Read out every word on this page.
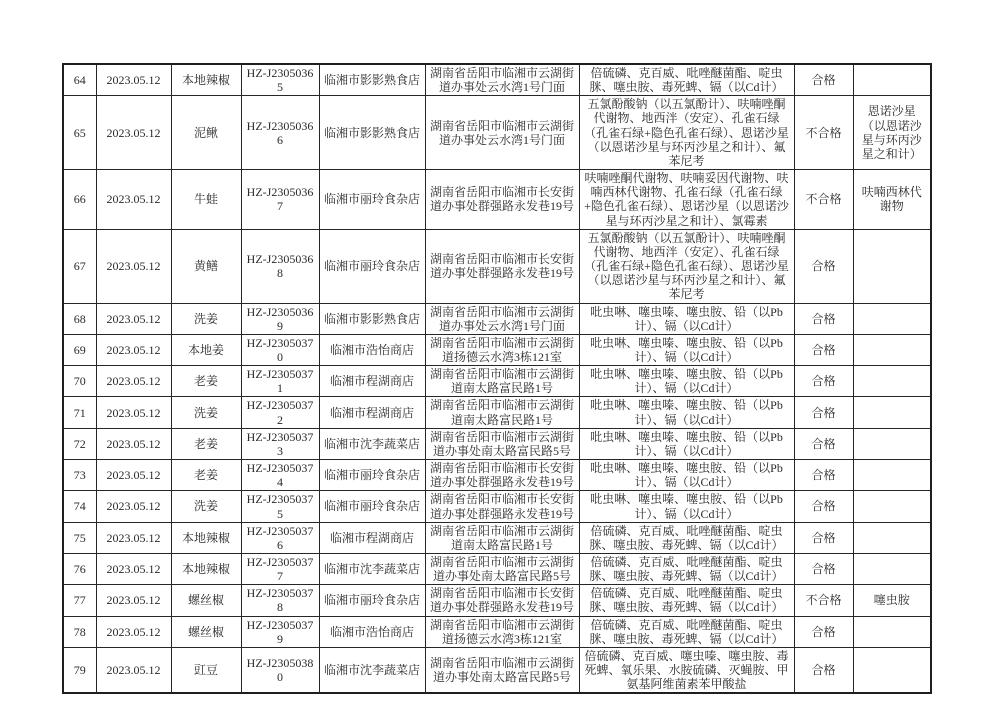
64	2023.05.12	本地辣椒	HZ-J23050365	临湘市影影熟食店	湖南省岳阳市临湘市云湖街道办事处云水湾1号门面	倍硫磷、克百威、吡唑醚菌酯、啶虫脒、噻虫胺、毒死蜱、镉（以Cd计）	合格	
65	2023.05.12	泥鳅	HZ-J23050366	临湘市影影熟食店	湖南省岳阳市临湘市云湖街道办事处云水湾1号门面	五氯酚酸钠（以五氯酚计）、呋喃唑酮代谢物、地西泮（安定）、孔雀石绿（孔雀石绿+隐色孔雀石绿）、恩诺沙星（以恩诺沙星与环丙沙星之和计）、氟苯尼考	不合格	恩诺沙星（以恩诺沙星与环丙沙星之和计）
66	2023.05.12	牛蛙	HZ-J23050367	临湘市丽玲食杂店	湖南省岳阳市临湘市长安街道办事处群强路永发巷19号	呋喃唑酮代谢物、呋喃妥因代谢物、呋喃西林代谢物、孔雀石绿（孔雀石绿+隐色孔雀石绿）、恩诺沙星（以恩诺沙星与环丙沙星之和计）、氯霉素	不合格	呋喃西林代谢物
67	2023.05.12	黄鳝	HZ-J23050368	临湘市丽玲食杂店	湖南省岳阳市临湘市长安街道办事处群强路永发巷19号	五氯酚酸钠（以五氯酚计）、呋喃唑酮代谢物、地西泮（安定）、孔雀石绿（孔雀石绿+隐色孔雀石绿）、恩诺沙星（以恩诺沙星与环丙沙星之和计）、氟苯尼考	合格	
68	2023.05.12	洗姜	HZ-J23050369	临湘市影影熟食店	湖南省岳阳市临湘市云湖街道办事处云水湾1号门面	吡虫啉、噻虫嗪、噻虫胺、铅（以Pb计）、镉（以Cd计）	合格	
69	2023.05.12	本地姜	HZ-J23050370	临湘市浩怡商店	湖南省岳阳市临湘市云湖街道扬德云水湾3栋121室	吡虫啉、噻虫嗪、噻虫胺、铅（以Pb计）、镉（以Cd计）	合格	
70	2023.05.12	老姜	HZ-J23050371	临湘市程湖商店	湖南省岳阳市临湘市云湖街道南太路富民路1号	吡虫啉、噻虫嗪、噻虫胺、铅（以Pb计）、镉（以Cd计）	合格	
71	2023.05.12	洗姜	HZ-J23050372	临湘市程湖商店	湖南省岳阳市临湘市云湖街道南太路富民路1号	吡虫啉、噻虫嗪、噻虫胺、铅（以Pb计）、镉（以Cd计）	合格	
72	2023.05.12	老姜	HZ-J23050373	临湘市沈李蔬菜店	湖南省岳阳市临湘市云湖街道办事处南太路富民路5号	吡虫啉、噻虫嗪、噻虫胺、铅（以Pb计）、镉（以Cd计）	合格	
73	2023.05.12	老姜	HZ-J23050374	临湘市丽玲食杂店	湖南省岳阳市临湘市长安街道办事处群强路永发巷19号	吡虫啉、噻虫嗪、噻虫胺、铅（以Pb计）、镉（以Cd计）	合格	
74	2023.05.12	洗姜	HZ-J23050375	临湘市丽玲食杂店	湖南省岳阳市临湘市长安街道办事处群强路永发巷19号	吡虫啉、噻虫嗪、噻虫胺、铅（以Pb计）、镉（以Cd计）	合格	
75	2023.05.12	本地辣椒	HZ-J23050376	临湘市程湖商店	湖南省岳阳市临湘市云湖街道南太路富民路1号	倍硫磷、克百威、吡唑醚菌酯、啶虫脒、噻虫胺、毒死蜱、镉（以Cd计）	合格	
76	2023.05.12	本地辣椒	HZ-J23050377	临湘市沈李蔬菜店	湖南省岳阳市临湘市云湖街道办事处南太路富民路5号	倍硫磷、克百威、吡唑醚菌酯、啶虫脒、噻虫胺、毒死蜱、镉（以Cd计）	合格	
77	2023.05.12	螺丝椒	HZ-J23050378	临湘市丽玲食杂店	湖南省岳阳市临湘市长安街道办事处群强路永发巷19号	倍硫磷、克百威、吡唑醚菌酯、啶虫脒、噻虫胺、毒死蜱、镉（以Cd计）	不合格	噻虫胺
78	2023.05.12	螺丝椒	HZ-J23050379	临湘市浩怡商店	湖南省岳阳市临湘市云湖街道扬德云水湾3栋121室	倍硫磷、克百威、吡唑醚菌酯、啶虫脒、噻虫胺、毒死蜱、镉（以Cd计）	合格	
79	2023.05.12	豇豆	HZ-J23050380	临湘市沈李蔬菜店	湖南省岳阳市临湘市云湖街道办事处南太路富民路5号	倍硫磷、克百威、噻虫嗪、噻虫胺、毒死蜱、氧乐果、水胺硫磷、灭蝇胺、甲氨基阿维菌素苯甲酸盐	合格	
